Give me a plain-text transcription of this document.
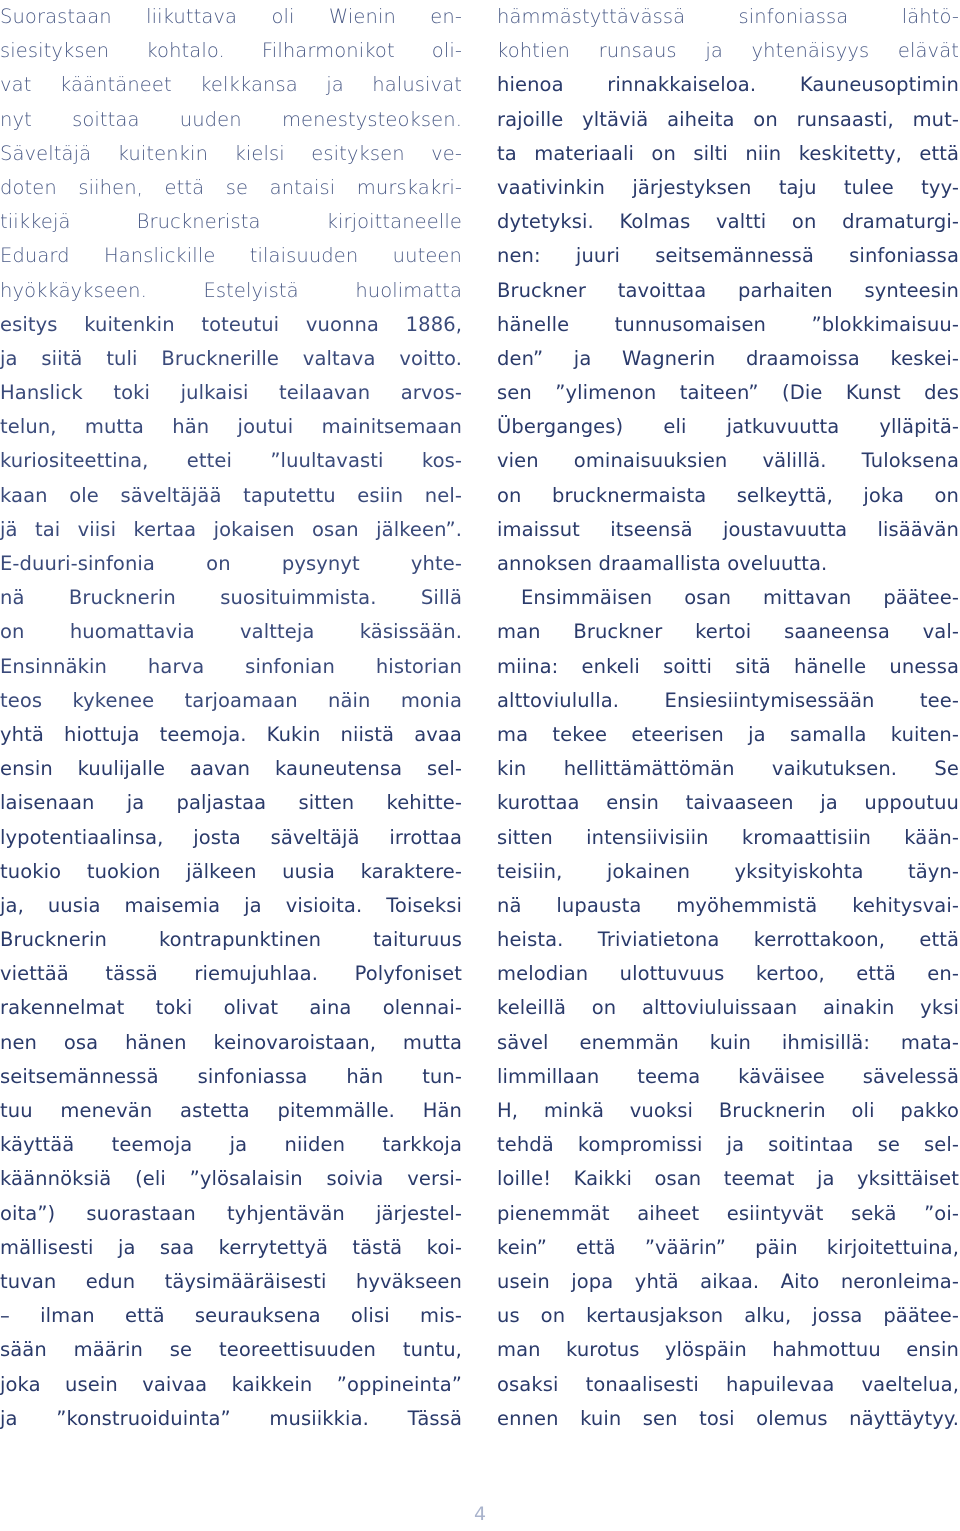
Suorastaan liikuttava oli Wienin en-
siesityksen kohtalo. Filharmonikot oli-
vat kääntäneet kelkkansa ja halusivat
nyt soittaa uuden menestysteoksen.
Säveltäjä kuitenkin kielsi esityksen ve-
doten siihen, että se antaisi murskakri-
tiikkejä Brucknerista kirjoittaneelle
Eduard Hanslickille tilaisuuden uuteen
hyökkäykseen. Estelyistä huolimatta
esitys kuitenkin toteutui vuonna 1886,
ja siitä tuli Brucknerille valtava voitto.
Hanslick toki julkaisi teilaavan arvos-
telun, mutta hän joutui mainitsemaan
kuriositeettina, ettei ”luultavasti kos-
kaan ole säveltäjää taputettu esiin nel-
jä tai viisi kertaa jokaisen osan jälkeen”.
E-duuri-sinfonia on pysynyt yhte-
nä Brucknerin suosituimmista. Sillä
on huomattavia valtteja käsissään.
Ensinnäkin harva sinfonian historian
teos kykenee tarjoamaan näin monia
yhtä hiottuja teemoja. Kukin niistä avaa
ensin kuulijalle aavan kauneutensa sel-
laisenaan ja paljastaa sitten kehitte-
lypotentiaalinsa, josta säveltäjä irrottaa
tuokio tuokion jälkeen uusia karaktere-
ja, uusia maisemia ja visioita. Toiseksi
Brucknerin kontrapunktinen taituruus
viettää tässä riemujuhlaa. Polyfoniset
rakennelmat toki olivat aina olennai-
nen osa hänen keinovaroistaan, mutta
seitsemännessä sinfoniassa hän tun-
tuu menevän astetta pitemmälle. Hän
käyttää teemoja ja niiden tarkkoja
käännöksiä (eli ”ylösalaisin soivia versi-
oita”) suorastaan tyhjentävän järjestel-
mällisesti ja saa kerrytettyä tästä koi-
tuvan edun täysimääräisesti hyväkseen
– ilman että seurauksena olisi mis-
sään määrin se teoreettisuuden tuntu,
joka usein vaivaa kaikkein ”oppineinta”
ja ”konstruoiduinta” musiikkia. Tässä
hämmästyttävässä sinfoniassa lähtö-
kohtien runsaus ja yhtenäisyys elävät
hienoa rinnakkaiseloa. Kauneusoptimin
rajoille yltäviä aiheita on runsaasti, mut-
ta materiaali on silti niin keskitetty, että
vaativinkin järjestyksen taju tulee tyy-
dytetyksi. Kolmas valtti on dramaturgi-
nen: juuri seitsemännessä sinfoniassa
Bruckner tavoittaa parhaiten synteesin
hänelle tunnusomaisen ”blokkimaisuu-
den” ja Wagnerin draamoissa keskei-
sen ”ylimenon taiteen” (Die Kunst des
Überganges) eli jatkuvuutta ylläpitä-
vien ominaisuuksien välillä. Tuloksena
on brucknermaista selkeyttä, joka on
imaissut itseensä joustavuutta lisäävän
annoksen draamallista oveluutta.
Ensimmäisen osan mittavan päätee-
man Bruckner kertoi saaneensa val-
miina: enkeli soitti sitä hänelle unessa
alttoviululla. Ensiesiintymisessään tee-
ma tekee eteerisen ja samalla kuiten-
kin hellittämättömän vaikutuksen. Se
kurottaa ensin taivaaseen ja uppoutuu
sitten intensiivisiin kromaattisiin kään-
teisiin, jokainen yksityiskohta täyn-
nä lupausta myöhemmistä kehitysvai-
heista. Triviatietona kerrottakoon, että
melodian ulottuvuus kertoo, että en-
keleillä on alttoviuluissaan ainakin yksi
sävel enemmän kuin ihmisillä: mata-
limmillaan teema käväisee sävelessä
H, minkä vuoksi Brucknerin oli pakko
tehdä kompromissi ja soitintaa se sel-
loille! Kaikki osan teemat ja yksittäiset
pienemmät aiheet esiintyvät sekä ”oi-
kein” että ”väärin” päin kirjoitettuina,
usein jopa yhtä aikaa. Aito neronleima-
us on kertausjakson alku, jossa päätee-
man kurotus ylöspäin hahmottuu ensin
osaksi tonaalisesti hapuilevaa vaeltelua,
ennen kuin sen tosi olemus näyttäytyy.
4
